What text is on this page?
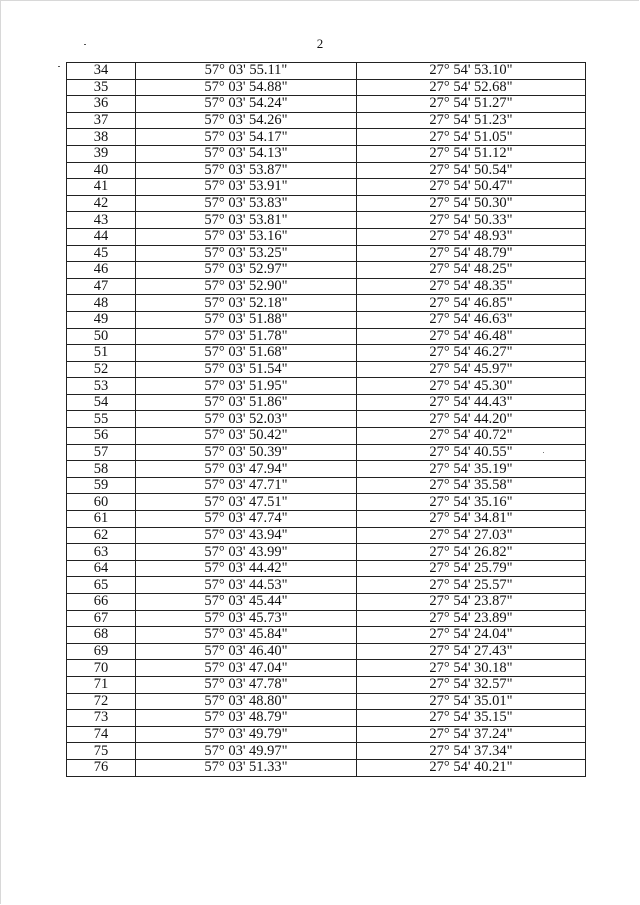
2
34	57° 03' 55.11"	27° 54' 53.10"
35	57° 03' 54.88"	27° 54' 52.68"
36	57° 03' 54.24"	27° 54' 51.27"
37	57° 03' 54.26"	27° 54' 51.23"
38	57° 03' 54.17"	27° 54' 51.05"
39	57° 03' 54.13"	27° 54' 51.12"
40	57° 03' 53.87"	27° 54' 50.54"
41	57° 03' 53.91"	27° 54' 50.47"
42	57° 03' 53.83"	27° 54' 50.30"
43	57° 03' 53.81"	27° 54' 50.33"
44	57° 03' 53.16"	27° 54' 48.93"
45	57° 03' 53.25"	27° 54' 48.79"
46	57° 03' 52.97"	27° 54' 48.25"
47	57° 03' 52.90"	27° 54' 48.35"
48	57° 03' 52.18"	27° 54' 46.85"
49	57° 03' 51.88"	27° 54' 46.63"
50	57° 03' 51.78"	27° 54' 46.48"
51	57° 03' 51.68"	27° 54' 46.27"
52	57° 03' 51.54"	27° 54' 45.97"
53	57° 03' 51.95"	27° 54' 45.30"
54	57° 03' 51.86"	27° 54' 44.43"
55	57° 03' 52.03"	27° 54' 44.20"
56	57° 03' 50.42"	27° 54' 40.72"
57	57° 03' 50.39"	27° 54' 40.55"
58	57° 03' 47.94"	27° 54' 35.19"
59	57° 03' 47.71"	27° 54' 35.58"
60	57° 03' 47.51"	27° 54' 35.16"
61	57° 03' 47.74"	27° 54' 34.81"
62	57° 03' 43.94"	27° 54' 27.03"
63	57° 03' 43.99"	27° 54' 26.82"
64	57° 03' 44.42"	27° 54' 25.79"
65	57° 03' 44.53"	27° 54' 25.57"
66	57° 03' 45.44"	27° 54' 23.87"
67	57° 03' 45.73"	27° 54' 23.89"
68	57° 03' 45.84"	27° 54' 24.04"
69	57° 03' 46.40"	27° 54' 27.43"
70	57° 03' 47.04"	27° 54' 30.18"
71	57° 03' 47.78"	27° 54' 32.57"
72	57° 03' 48.80"	27° 54' 35.01"
73	57° 03' 48.79"	27° 54' 35.15"
74	57° 03' 49.79"	27° 54' 37.24"
75	57° 03' 49.97"	27° 54' 37.34"
76	57° 03' 51.33"	27° 54' 40.21"
